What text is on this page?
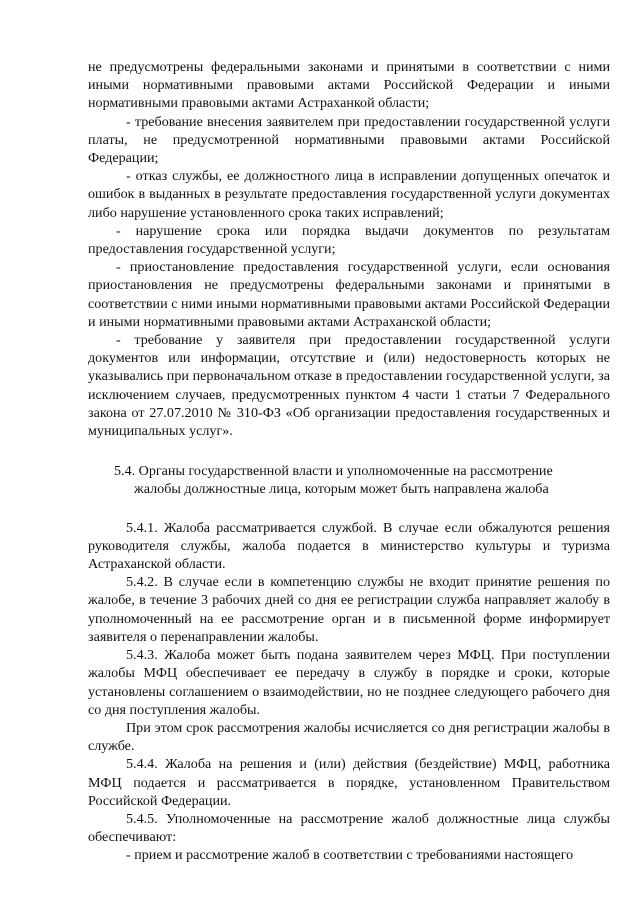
не предусмотрены федеральными законами и принятыми в соответствии с ними иными нормативными правовыми актами Российской Федерации и иными нормативными правовыми актами Астраханкой области;

- требование внесения заявителем при предоставлении государственной услуги платы, не предусмотренной нормативными правовыми актами Российской Федерации;

- отказ службы, ее должностного лица в исправлении допущенных опечаток и ошибок в выданных в результате предоставления государственной услуги документах либо нарушение установленного срока таких исправлений;

- нарушение срока или порядка выдачи документов по результатам предоставления государственной услуги;

- приостановление предоставления государственной услуги, если основания приостановления не предусмотрены федеральными законами и принятыми в соответствии с ними иными нормативными правовыми актами Российской Федерации и иными нормативными правовыми актами Астраханской области;

- требование у заявителя при предоставлении государственной услуги документов или информации, отсутствие и (или) недостоверность которых не указывались при первоначальном отказе в предоставлении государственной услуги, за исключением случаев, предусмотренных пунктом 4 части 1 статьи 7 Федерального закона от 27.07.2010 № 310-ФЗ «Об организации предоставления государственных и муниципальных услуг».

5.4. Органы государственной власти и уполномоченные на рассмотрение
жалобы должностные лица, которым может быть направлена жалоба

5.4.1. Жалоба рассматривается службой. В случае если обжалуются решения руководителя службы, жалоба подается в министерство культуры и туризма Астраханской области.

5.4.2. В случае если в компетенцию службы не входит принятие решения по жалобе, в течение 3 рабочих дней со дня ее регистрации служба направляет жалобу в уполномоченный на ее рассмотрение орган и в письменной форме информирует заявителя о перенаправлении жалобы.

5.4.3. Жалоба может быть подана заявителем через МФЦ. При поступлении жалобы МФЦ обеспечивает ее передачу в службу в порядке и сроки, которые установлены соглашением о взаимодействии, но не позднее следующего рабочего дня со дня поступления жалобы.

При этом срок рассмотрения жалобы исчисляется со дня регистрации жалобы в службе.

5.4.4. Жалоба на решения и (или) действия (бездействие) МФЦ, работника МФЦ подается и рассматривается в порядке, установленном Правительством Российской Федерации.

5.4.5. Уполномоченные на рассмотрение жалоб должностные лица службы обеспечивают:

- прием и рассмотрение жалоб в соответствии с требованиями настоящего
